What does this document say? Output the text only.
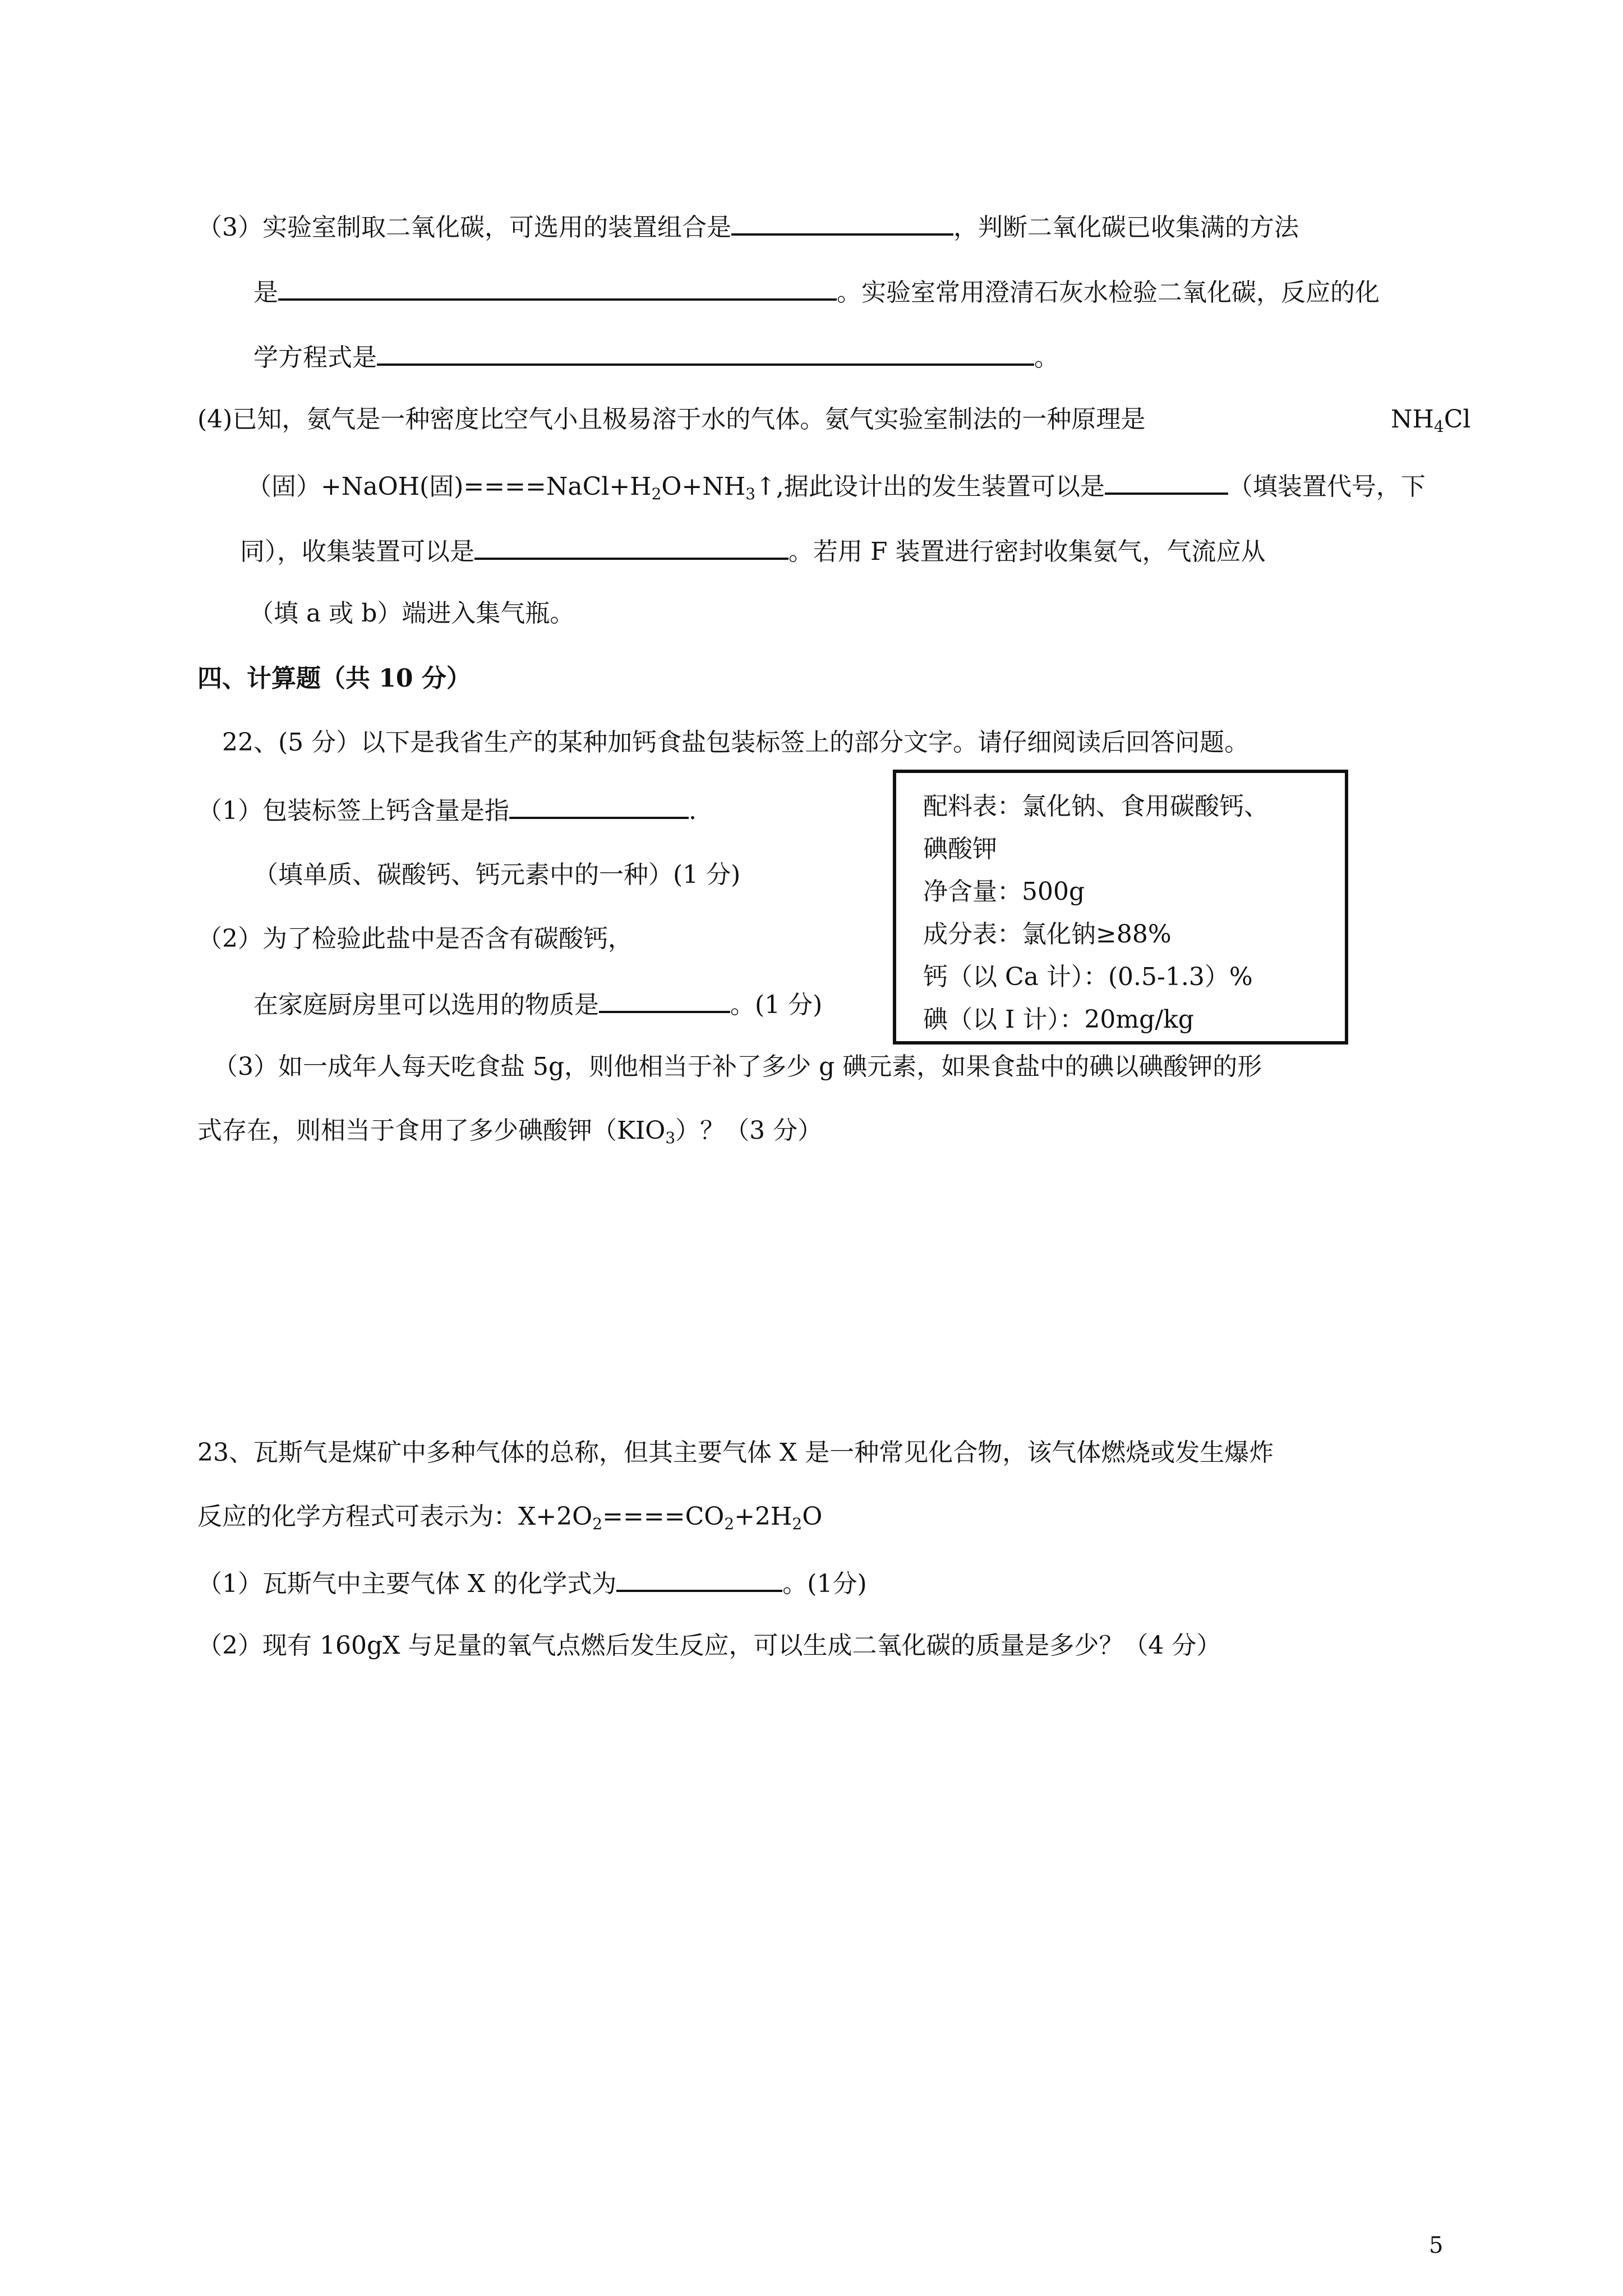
（3）实验室制取二氧化碳，可选用的装置组合是	，判断二氧化碳已收集满的方法
是	。实验室常用澄清石灰水检验二氧化碳，反应的化
学方程式是	。
(4)已知，氨气是一种密度比空气小且极易溶于水的气体。氨气实验室制法的一种原理是	$NH_4Cl$
（固）+NaOH(固)$====NaCl+H_2O+NH_3↑$,据此设计出的发生装置可以是	（填装置代号，下
同），收集装置可以是	。若用 F 装置进行密封收集氨气，气流应从
（填 a 或 b）端进入集气瓶。
四、计算题（共 10 分）
22、(5 分）以下是我省生产的某种加钙食盐包装标签上的部分文字。请仔细阅读后回答问题。
（1）包装标签上钙含量是指	.
（填单质、碳酸钙、钙元素中的一种）(1 分)
（2）为了检验此盐中是否含有碳酸钙，
在家庭厨房里可以选用的物质是	。(1 分)
配料表：氯化钠、食用碳酸钙、
碘酸钾
净含量：500g
成分表：氯化钠≥88%
钙（以 Ca 计）：(0.5-1.3）%
碘（以 I 计）：20mg/kg
（3）如一成年人每天吃食盐 5g，则他相当于补了多少 g 碘元素，如果食盐中的碘以碘酸钾的形
式存在，则相当于食用了多少碘酸钾$(KIO_3)$？（3 分）
23、瓦斯气是煤矿中多种气体的总称，但其主要气体 X 是一种常见化合物，该气体燃烧或发生爆炸
反应的化学方程式可表示为：$X+2O_2====CO_2+2H_2O$
（1）瓦斯气中主要气体 X 的化学式为	。(1分)
（2）现有 160gX 与足量的氧气点燃后发生反应，可以生成二氧化碳的质量是多少？（4 分）
5
